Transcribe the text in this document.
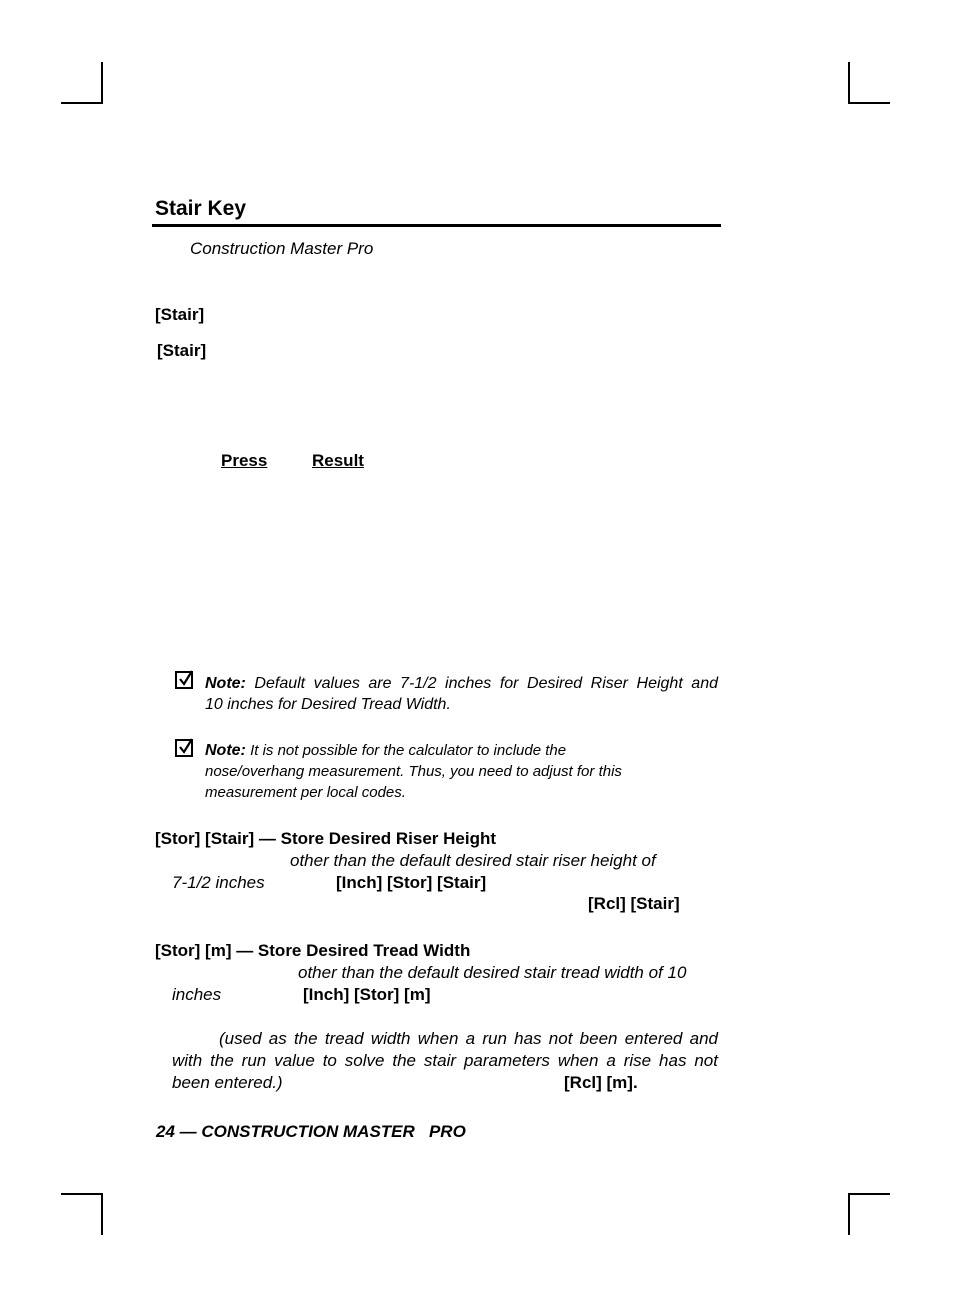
Stair Key
Construction Master Pro
[Stair]
[Stair]
Press	Result
Note: Default values are 7-1/2 inches for Desired Riser Height and
10 inches for Desired Tread Width.
Note: It is not possible for the calculator to include the
nose/overhang measurement. Thus, you need to adjust for this
measurement per local codes.
[Stor] [Stair] — Store Desired Riser Height
other than the default desired stair riser height of
7-1/2 inches	[Inch] [Stor] [Stair]
[Rcl] [Stair]
[Stor] [m] — Store Desired Tread Width
other than the default desired stair tread width of 10
inches	[Inch] [Stor] [m]
(used as the tread width when a run has not been entered and
with the run value to solve the stair parameters when a rise has not
been entered.)	[Rcl] [m].
24 — CONSTRUCTION MASTER   PRO
